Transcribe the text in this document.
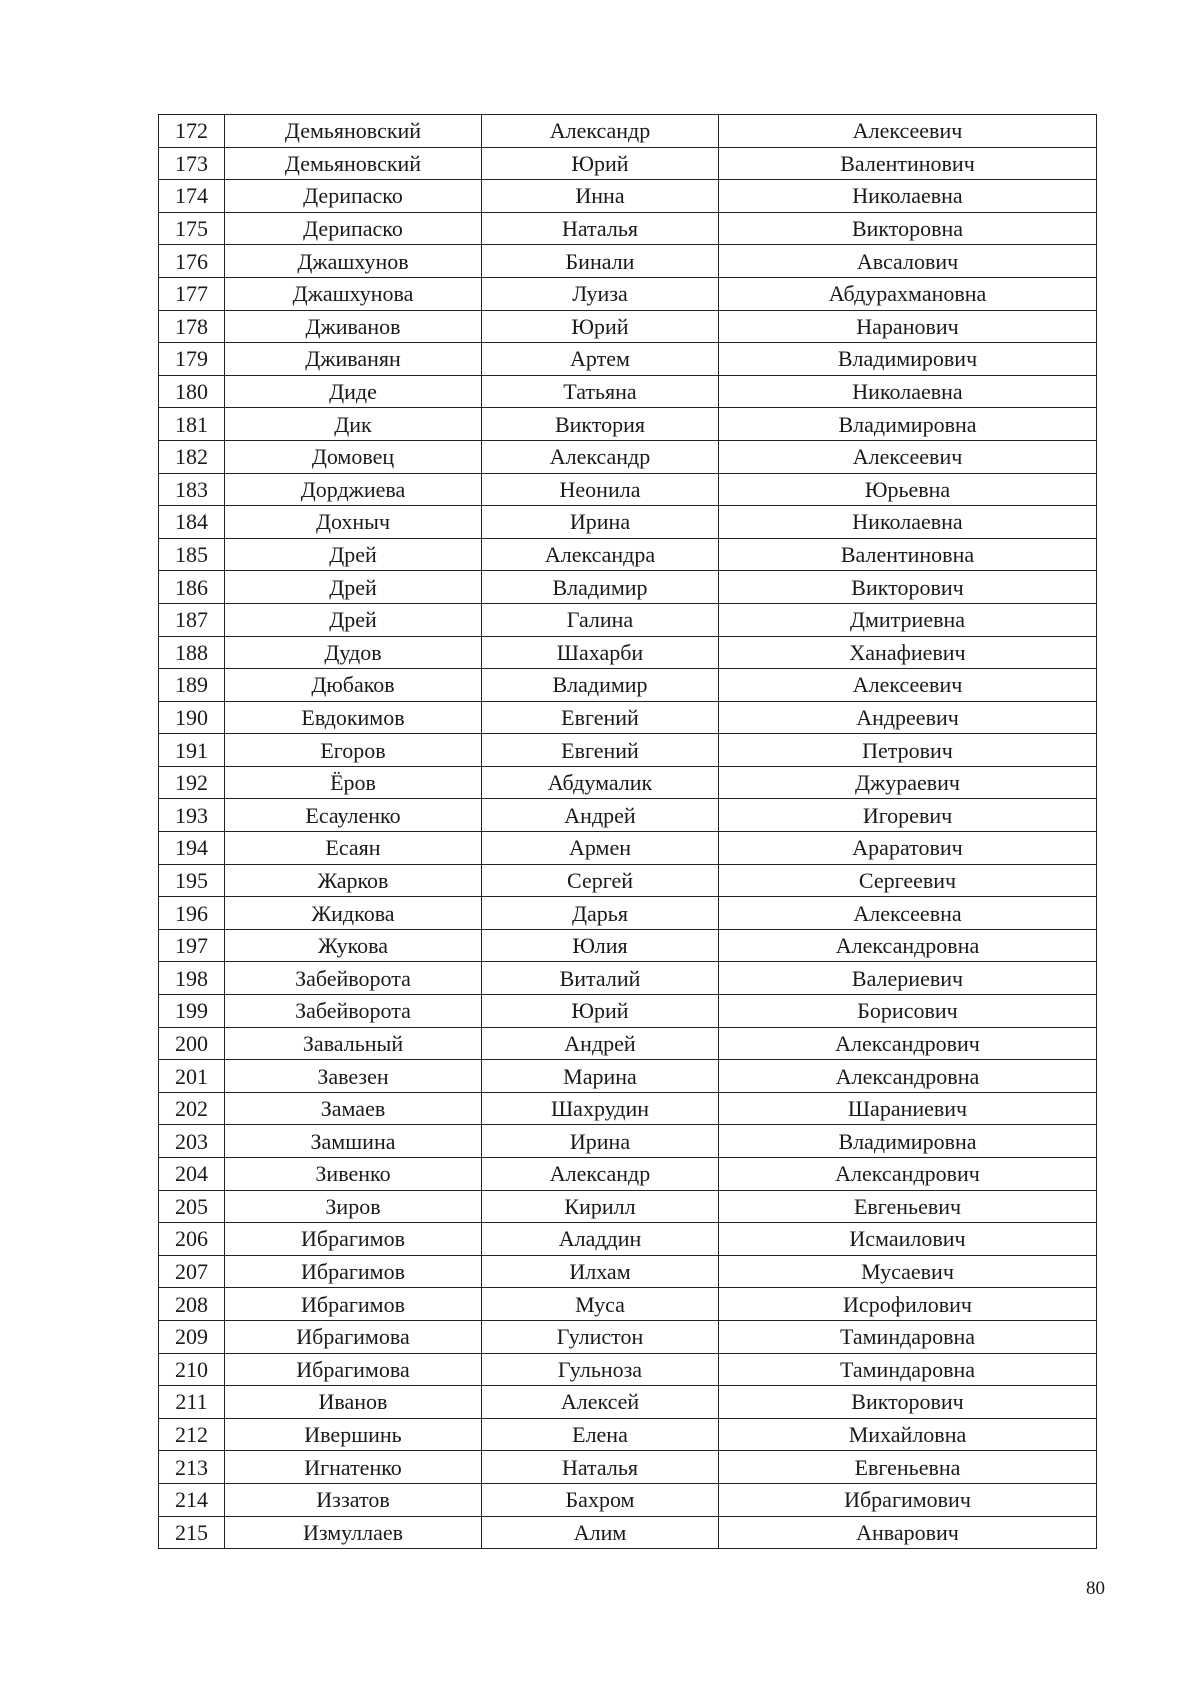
172	Демьяновский	Александр	Алексеевич
173	Демьяновский	Юрий	Валентинович
174	Дерипаско	Инна	Николаевна
175	Дерипаско	Наталья	Викторовна
176	Джашхунов	Бинали	Авсалович
177	Джашхунова	Луиза	Абдурахмановна
178	Дживанов	Юрий	Наранович
179	Дживанян	Артем	Владимирович
180	Диде	Татьяна	Николаевна
181	Дик	Виктория	Владимировна
182	Домовец	Александр	Алексеевич
183	Дорджиева	Неонила	Юрьевна
184	Дохныч	Ирина	Николаевна
185	Дрей	Александра	Валентиновна
186	Дрей	Владимир	Викторович
187	Дрей	Галина	Дмитриевна
188	Дудов	Шахарби	Ханафиевич
189	Дюбаков	Владимир	Алексеевич
190	Евдокимов	Евгений	Андреевич
191	Егоров	Евгений	Петрович
192	Ёров	Абдумалик	Джураевич
193	Есауленко	Андрей	Игоревич
194	Есаян	Армен	Араратович
195	Жарков	Сергей	Сергеевич
196	Жидкова	Дарья	Алексеевна
197	Жукова	Юлия	Александровна
198	Забейворота	Виталий	Валериевич
199	Забейворота	Юрий	Борисович
200	Завальный	Андрей	Александрович
201	Завезен	Марина	Александровна
202	Замаев	Шахрудин	Шараниевич
203	Замшина	Ирина	Владимировна
204	Зивенко	Александр	Александрович
205	Зиров	Кирилл	Евгеньевич
206	Ибрагимов	Аладдин	Исмаилович
207	Ибрагимов	Илхам	Мусаевич
208	Ибрагимов	Муса	Исрофилович
209	Ибрагимова	Гулистон	Таминдаровна
210	Ибрагимова	Гульноза	Таминдаровна
211	Иванов	Алексей	Викторович
212	Ивершинь	Елена	Михайловна
213	Игнатенко	Наталья	Евгеньевна
214	Иззатов	Бахром	Ибрагимович
215	Измуллаев	Алим	Анварович
80
